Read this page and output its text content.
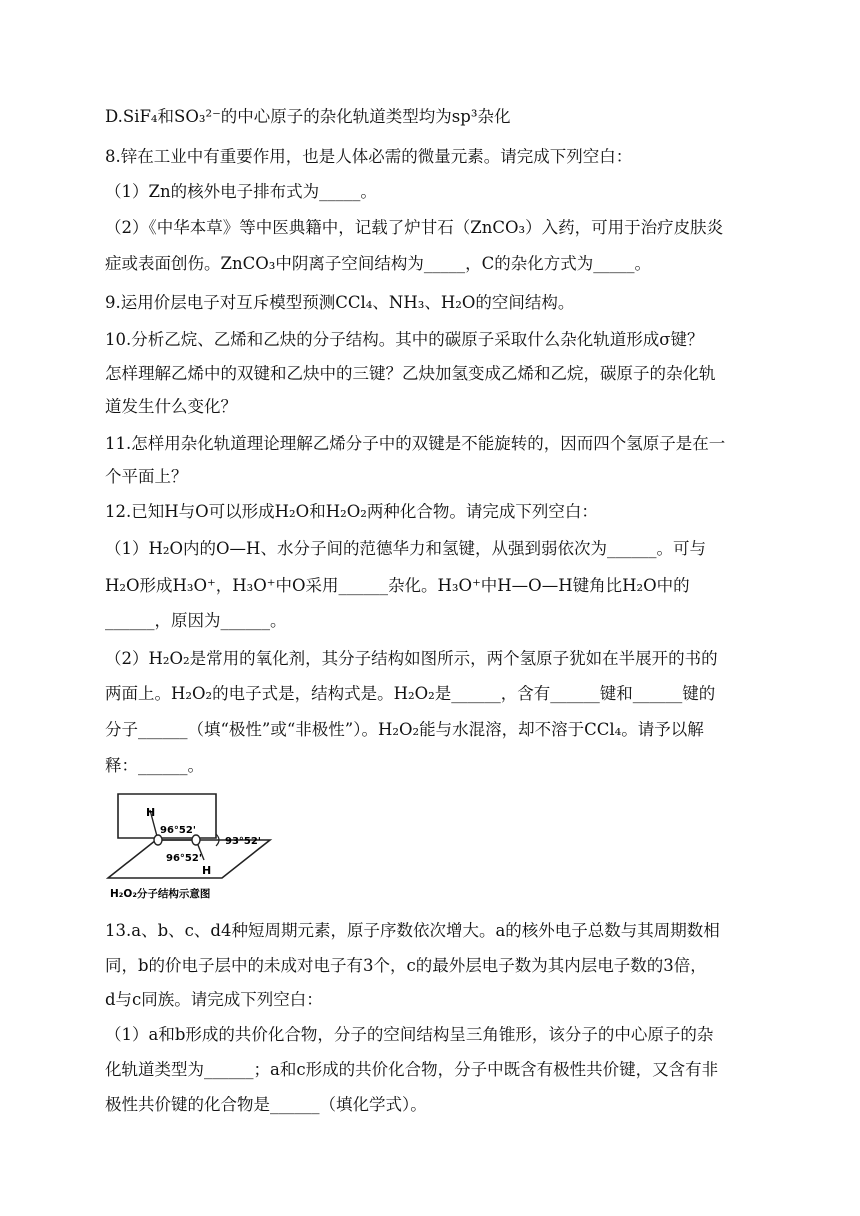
D.SiF₄和SO₃²⁻的中心原子的杂化轨道类型均为sp³杂化
8.锌在工业中有重要作用，也是人体必需的微量元素。请完成下列空白：
（1）Zn的核外电子排布式为_____。
（2）《中华本草》等中医典籍中，记载了炉甘石（ZnCO₃）入药，可用于治疗皮肤炎
症或表面创伤。ZnCO₃中阴离子空间结构为_____，C的杂化方式为_____。
9.运用价层电子对互斥模型预测CCl₄、NH₃、H₂O的空间结构。
10.分析乙烷、乙烯和乙炔的分子结构。其中的碳原子采取什么杂化轨道形成σ键？
怎样理解乙烯中的双键和乙炔中的三键？乙炔加氢变成乙烯和乙烷，碳原子的杂化轨
道发生什么变化？
11.怎样用杂化轨道理论理解乙烯分子中的双键是不能旋转的，因而四个氢原子是在一
个平面上？
12.已知H与O可以形成H₂O和H₂O₂两种化合物。请完成下列空白：
（1）H₂O内的O—H、水分子间的范德华力和氢键，从强到弱依次为______。可与
H₂O形成H₃O⁺，H₃O⁺中O采用______杂化。H₃O⁺中H—O—H键角比H₂O中的
______，原因为______。
（2）H₂O₂是常用的氧化剂，其分子结构如图所示，两个氢原子犹如在半展开的书的
两面上。H₂O₂的电子式是，结构式是。H₂O₂是______，含有______键和______键的
分子______（填“极性”或“非极性”）。H₂O₂能与水混溶，却不溶于CCl₄。请予以解
释：______。
H
96°52'
96°52'
93°52'
H
H₂O₂分子结构示意图
13.a、b、c、d4种短周期元素，原子序数依次增大。a的核外电子总数与其周期数相
同，b的价电子层中的未成对电子有3个，c的最外层电子数为其内层电子数的3倍，
d与c同族。请完成下列空白：
（1）a和b形成的共价化合物，分子的空间结构呈三角锥形，该分子的中心原子的杂
化轨道类型为______；a和c形成的共价化合物，分子中既含有极性共价键，又含有非
极性共价键的化合物是______（填化学式）。
